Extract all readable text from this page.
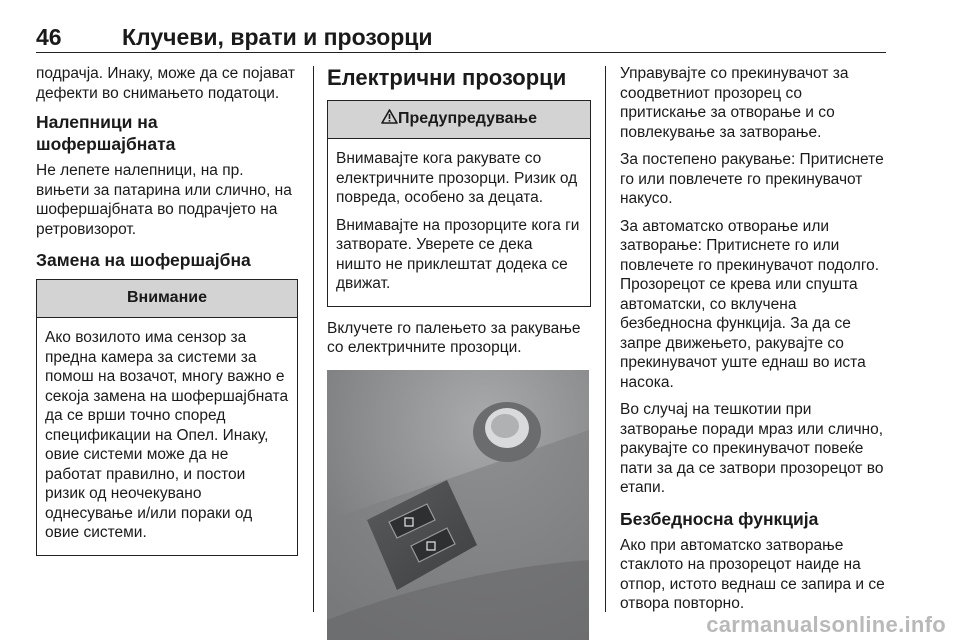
46	Клучеви, врати и прозорци

подрачја. Инаку, може да се појават дефекти во снимањето податоци.

Налепници на шофершајбната

Не лепете налепници, на пр. вињети за патарина или слично, на шофершајбната во подрачјето на ретровизорот.

Замена на шофершајбна
Внимание

Ако возилото има сензор за предна камера за системи за помош на возачот, многу важно е секоја замена на шофершајбната да се врши точно според спецификации на Опел. Инаку, овие системи може да не работат правилно, и постои ризик од неочекувано однесување и/или пораки од овие системи.

Електрични прозорци
Предупредување

Внимавајте кога ракувате со електричните прозорци. Ризик од повреда, особено за децата.

Внимавајте на прозорците кога ги затворате. Уверете се дека ништо не приклештат додека се движат.

Вклучете го палењето за ракување со електричните прозорци.

Управувајте со прекинувачот за соодветниот прозорец со притискање за отворање и со повлекување за затворање.

За постепено ракување: Притиснете го или повлечете го прекинувачот накусо.

За автоматско отворање или затворање: Притиснете го или повлечете го прекинувачот подолго. Прозорецот се крева или спушта автоматски, со вклучена безбедносна функција. За да се запре движењето, ракувајте со прекинувачот уште еднаш во иста насока.

Во случај на тешкотии при затворање поради мраз или слично, ракувајте со прекинувачот повеќе пати за да се затвори прозорецот во етапи.

Безбедносна функција

Ако при автоматско затворање стаклото на прозорецот наиде на отпор, истото веднаш се запира и се отвора повторно.

carmanualsonline.info
